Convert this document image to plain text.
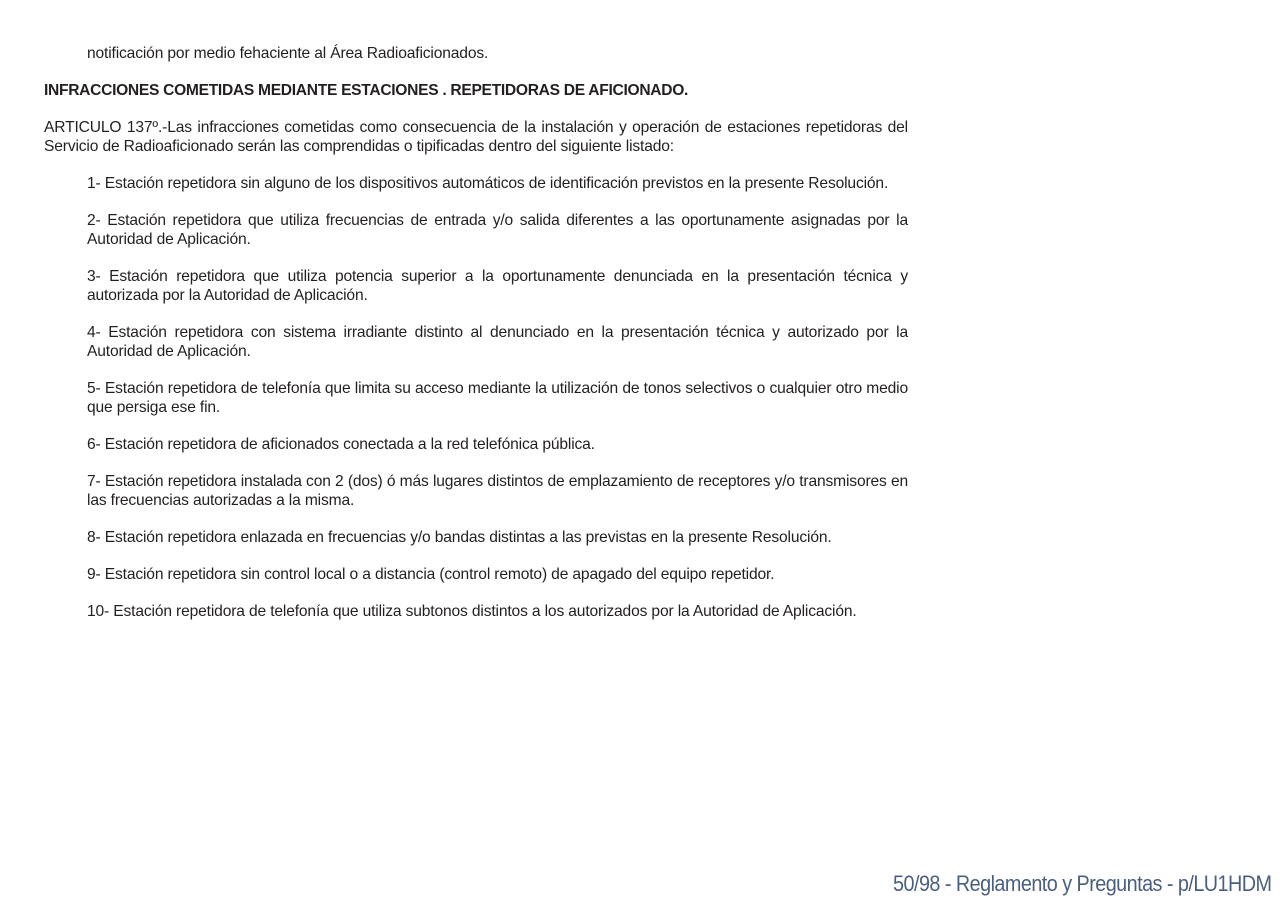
notificación por medio fehaciente al Área Radioaficionados.

INFRACCIONES COMETIDAS MEDIANTE ESTACIONES . REPETIDORAS DE AFICIONADO.

ARTICULO 137º.-Las infracciones cometidas como consecuencia de la instalación y operación de estaciones repetidoras del Servicio de Radioaficionado serán las comprendidas o tipificadas dentro del siguiente listado:

1- Estación repetidora sin alguno de los dispositivos automáticos de identificación previstos en la presente Resolución.
2- Estación repetidora que utiliza frecuencias de entrada y/o salida diferentes a las oportunamente asignadas por la Autoridad de Aplicación.
3- Estación repetidora que utiliza potencia superior a la oportunamente denunciada en la presentación técnica y autorizada por la Autoridad de Aplicación.
4- Estación repetidora con sistema irradiante distinto al denunciado en la presentación técnica y autorizado por la Autoridad de Aplicación.
5- Estación repetidora de telefonía que limita su acceso mediante la utilización de tonos selectivos o cualquier otro medio que persiga ese fin.
6- Estación repetidora de aficionados conectada a la red telefónica pública.
7- Estación repetidora instalada con 2 (dos) ó más lugares distintos de emplazamiento de receptores y/o transmisores en las frecuencias autorizadas a la misma.
8- Estación repetidora enlazada en frecuencias y/o bandas distintas a las previstas en la presente Resolución.
9- Estación repetidora sin control local o a distancia (control remoto) de apagado del equipo repetidor.
10- Estación repetidora de telefonía que utiliza subtonos distintos a los autorizados por la Autoridad de Aplicación.
50/98 - Reglamento y Preguntas - p/LU1HDM
